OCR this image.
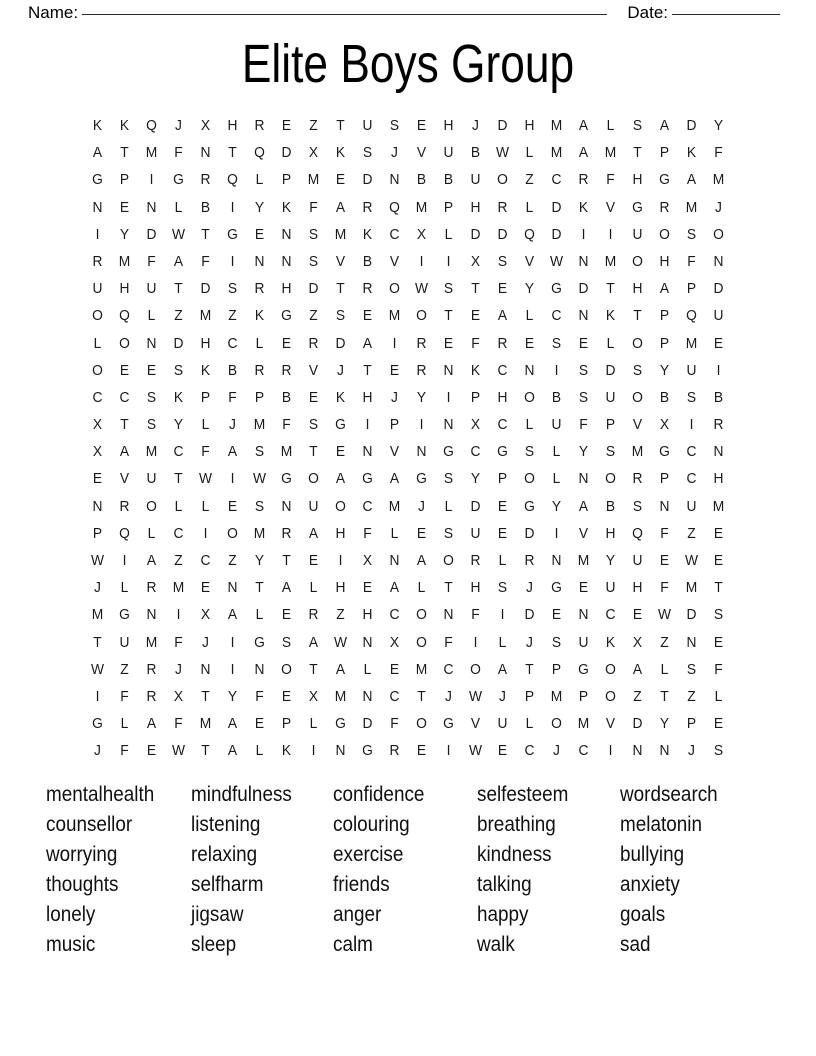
Name:	Date:
Elite Boys Group
K	K	Q	J	X	H	R	E	Z	T	U	S	E	H	J	D	H	M	A	L	S	A	D	Y
A	T	M	F	N	T	Q	D	X	K	S	J	V	U	B	W	L	M	A	M	T	P	K	F
G	P	I	G	R	Q	L	P	M	E	D	N	B	B	U	O	Z	C	R	F	H	G	A	M
N	E	N	L	B	I	Y	K	F	A	R	Q	M	P	H	R	L	D	K	V	G	R	M	J
I	Y	D	W	T	G	E	N	S	M	K	C	X	L	D	D	Q	D	I	I	U	O	S	O
R	M	F	A	F	I	N	N	S	V	B	V	I	I	X	S	V	W	N	M	O	H	F	N
U	H	U	T	D	S	R	H	D	T	R	O	W	S	T	E	Y	G	D	T	H	A	P	D
O	Q	L	Z	M	Z	K	G	Z	S	E	M	O	T	E	A	L	C	N	K	T	P	Q	U
L	O	N	D	H	C	L	E	R	D	A	I	R	E	F	R	E	S	E	L	O	P	M	E
O	E	E	S	K	B	R	R	V	J	T	E	R	N	K	C	N	I	S	D	S	Y	U	I
C	C	S	K	P	F	P	B	E	K	H	J	Y	I	P	H	O	B	S	U	O	B	S	B
X	T	S	Y	L	J	M	F	S	G	I	P	I	N	X	C	L	U	F	P	V	X	I	R
X	A	M	C	F	A	S	M	T	E	N	V	N	G	C	G	S	L	Y	S	M	G	C	N
E	V	U	T	W	I	W	G	O	A	G	A	G	S	Y	P	O	L	N	O	R	P	C	H
N	R	O	L	L	E	S	N	U	O	C	M	J	L	D	E	G	Y	A	B	S	N	U	M
P	Q	L	C	I	O	M	R	A	H	F	L	E	S	U	E	D	I	V	H	Q	F	Z	E
W	I	A	Z	C	Z	Y	T	E	I	X	N	A	O	R	L	R	N	M	Y	U	E	W	E
J	L	R	M	E	N	T	A	L	H	E	A	L	T	H	S	J	G	E	U	H	F	M	T
M	G	N	I	X	A	L	E	R	Z	H	C	O	N	F	I	D	E	N	C	E	W	D	S
T	U	M	F	J	I	G	S	A	W	N	X	O	F	I	L	J	S	U	K	X	Z	N	E
W	Z	R	J	N	I	N	O	T	A	L	E	M	C	O	A	T	P	G	O	A	L	S	F
I	F	R	X	T	Y	F	E	X	M	N	C	T	J	W	J	P	M	P	O	Z	T	Z	L
G	L	A	F	M	A	E	P	L	G	D	F	O	G	V	U	L	O	M	V	D	Y	P	E
J	F	E	W	T	A	L	K	I	N	G	R	E	I	W	E	C	J	C	I	N	N	J	S
mentalhealth	mindfulness	confidence	selfesteem	wordsearch
counsellor	listening	colouring	breathing	melatonin
worrying	relaxing	exercise	kindness	bullying
thoughts	selfharm	friends	talking	anxiety
lonely	jigsaw	anger	happy	goals
music	sleep	calm	walk	sad
